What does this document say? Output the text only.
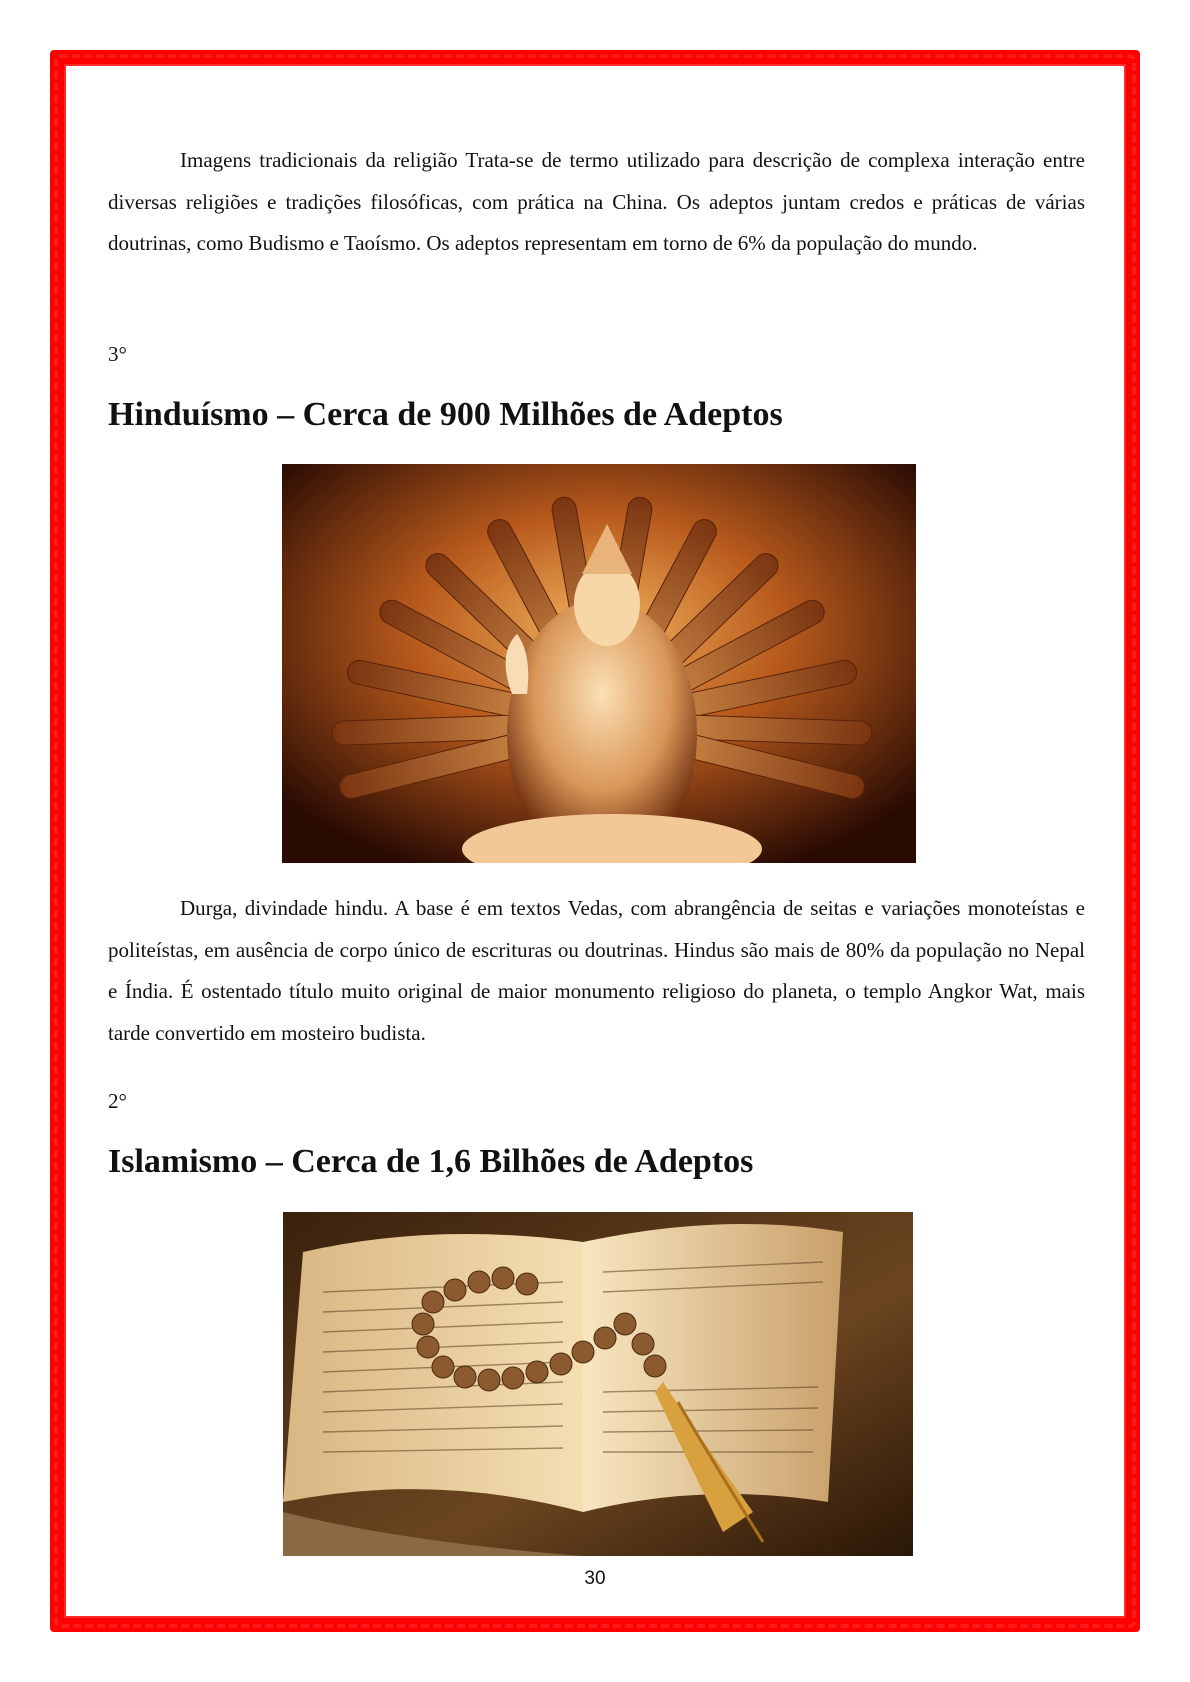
Imagens tradicionais da religião Trata-se de termo utilizado para descrição de complexa interação entre diversas religiões e tradições filosóficas, com prática na China. Os adeptos juntam credos e práticas de várias doutrinas, como Budismo e Taoísmo. Os adeptos representam em torno de 6% da população do mundo.

3°

Hinduísmo – Cerca de 900 Milhões de Adeptos

Durga, divindade hindu. A base é em textos Vedas, com abrangência de seitas e variações monoteístas e politeístas, em ausência de corpo único de escrituras ou doutrinas. Hindus são mais de 80% da população no Nepal e Índia. É ostentado título muito original de maior monumento religioso do planeta, o templo Angkor Wat, mais tarde convertido em mosteiro budista.

2°

Islamismo – Cerca de 1,6 Bilhões de Adeptos
30
